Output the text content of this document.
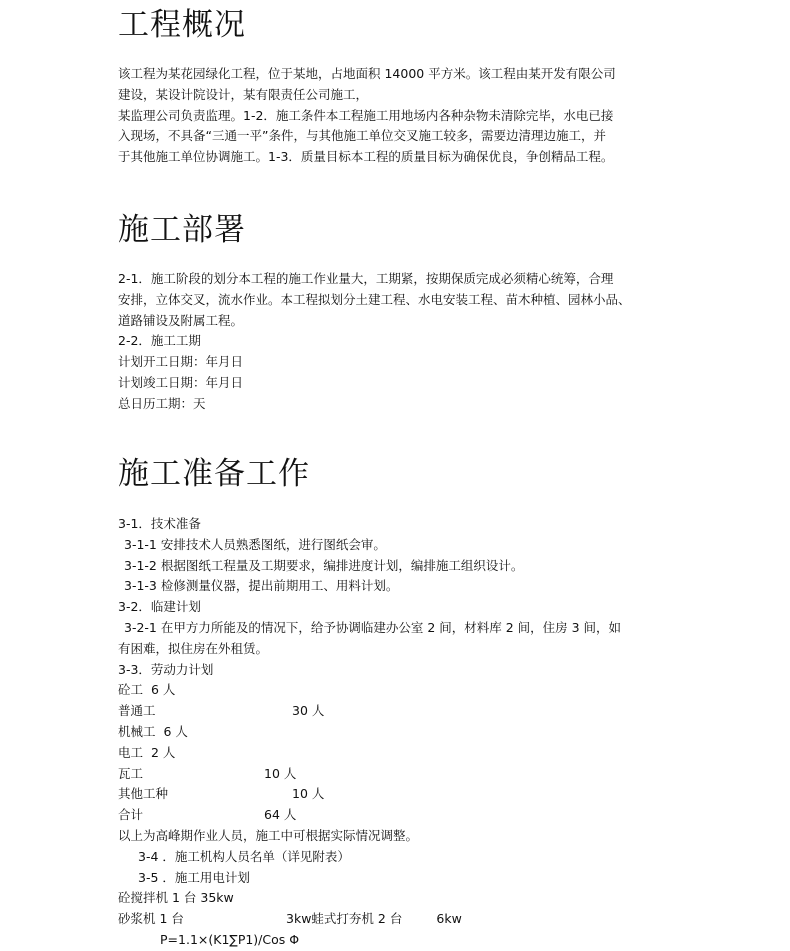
工程概况

该工程为某花园绿化工程，位于某地，占地面积 14000 平方米。该工程由某开发有限公司

建设，某设计院设计，某有限责任公司施工，

某监理公司负责监理。1-2．施工条件本工程施工用地场内各种杂物未清除完毕，水电已接

入现场，不具备“三通一平”条件，与其他施工单位交叉施工较多，需要边清理边施工，并

于其他施工单位协调施工。1-3．质量目标本工程的质量目标为确保优良，争创精品工程。

施工部署

2-1．施工阶段的划分本工程的施工作业量大，工期紧，按期保质完成必须精心统筹，合理

安排，立体交叉，流水作业。本工程拟划分土建工程、水电安装工程、苗木种植、园林小品、

道路铺设及附属工程。

2-2．施工工期

计划开工日期：年月日

计划竣工日期：年月日

总日历工期：天

施工准备工作

3-1．技术准备

3-1-1 安排技术人员熟悉图纸，进行图纸会审。

3-1-2 根据图纸工程量及工期要求，编排进度计划，编排施工组织设计。

3-1-3 检修测量仪器，提出前期用工、用料计划。

3-2．临建计划

3-2-1 在甲方力所能及的情况下，给予协调临建办公室 2 间，材料库 2 间，住房 3 间，如

有困难，拟住房在外租赁。

3-3．劳动力计划

砼工 6 人

普通工	30 人

机械工 6 人

电工 2 人

瓦工	10 人

其他工种	10 人

合计	64 人

以上为高峰期作业人员，施工中可根据实际情况调整。

3-4 ．施工机构人员名单（详见附表）

3-5 ．施工用电计划

砼搅拌机 1 台 35kw

砂浆机 1 台	3kw蛙式打夯机 2 台	6kw

P=1.1×(K1∑P1)/Cos Φ
